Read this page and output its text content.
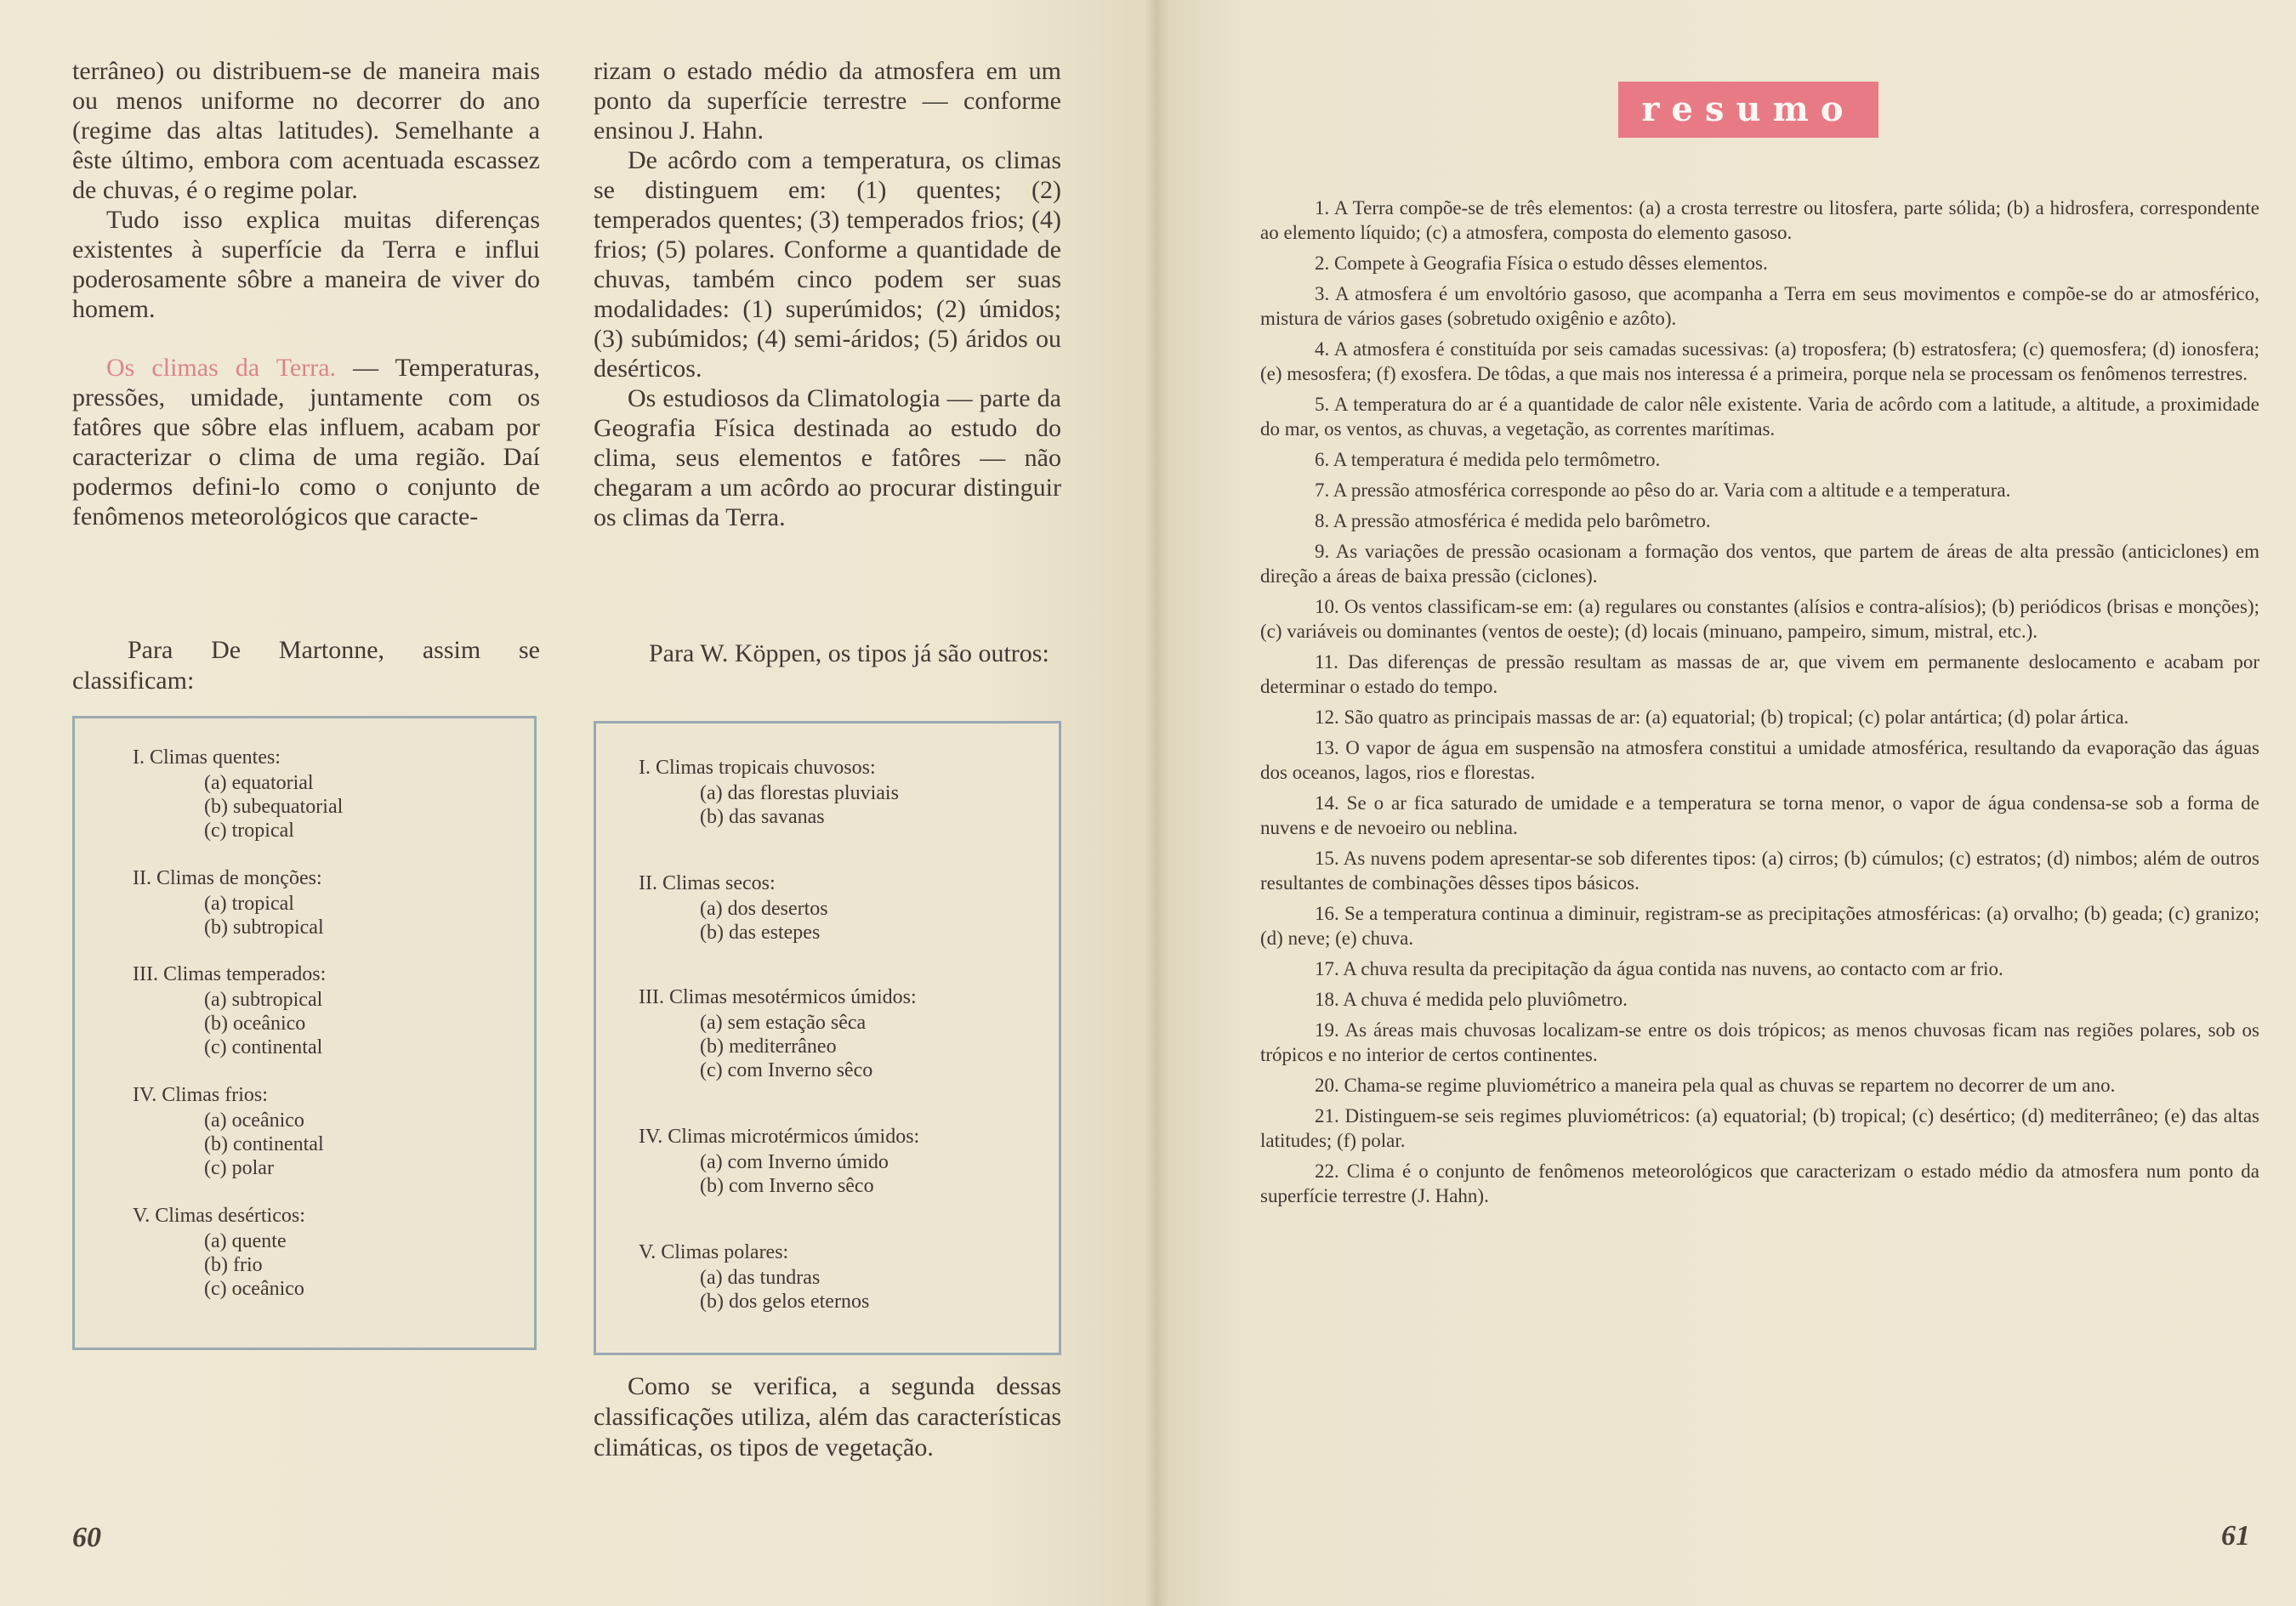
terrâneo) ou distribuem-se de maneira mais ou menos uniforme no decorrer do ano (regime das altas latitudes). Semelhante a êste último, embora com acentuada escassez de chuvas, é o regime polar.

Tudo isso explica muitas diferenças existentes à superfície da Terra e influi poderosamente sôbre a maneira de viver do homem.

Os climas da Terra. — Temperaturas, pressões, umidade, juntamente com os fatôres que sôbre elas influem, acabam por caracterizar o clima de uma região. Daí podermos defini-lo como o conjunto de fenômenos meteorológicos que caracte-

rizam o estado médio da atmosfera em um ponto da superfície terrestre — conforme ensinou J. Hahn.

De acôrdo com a temperatura, os climas se distinguem em: (1) quentes; (2) temperados quentes; (3) temperados frios; (4) frios; (5) polares. Conforme a quantidade de chuvas, também cinco podem ser suas modalidades: (1) superúmidos; (2) úmidos; (3) subúmidos; (4) semi-áridos; (5) áridos ou desérticos.

Os estudiosos da Climatologia — parte da Geografia Física destinada ao estudo do clima, seus elementos e fatôres — não chegaram a um acôrdo ao procurar distinguir os climas da Terra.

Para De Martonne, assim se classificam:
Para W. Köppen, os tipos já são outros:
I. Climas quentes:
(a) equatorial
(b) subequatorial
(c) tropical
II. Climas de monções:
(a) tropical
(b) subtropical
III. Climas temperados:
(a) subtropical
(b) oceânico
(c) continental
IV. Climas frios:
(a) oceânico
(b) continental
(c) polar
V. Climas desérticos:
(a) quente
(b) frio
(c) oceânico
I. Climas tropicais chuvosos:
(a) das florestas pluviais
(b) das savanas
II. Climas secos:
(a) dos desertos
(b) das estepes
III. Climas mesotérmicos úmidos:
(a) sem estação sêca
(b) mediterrâneo
(c) com Inverno sêco
IV. Climas microtérmicos úmidos:
(a) com Inverno úmido
(b) com Inverno sêco
V. Climas polares:
(a) das tundras
(b) dos gelos eternos
Como se verifica, a segunda dessas classificações utiliza, além das características climáticas, os tipos de vegetação.
60
resumo

1. A Terra compõe-se de três elementos: (a) a crosta terrestre ou litosfera, parte sólida; (b) a hidrosfera, correspondente ao elemento líquido; (c) a atmosfera, composta do elemento gasoso.

2. Compete à Geografia Física o estudo dêsses elementos.

3. A atmosfera é um envoltório gasoso, que acompanha a Terra em seus movimentos e compõe-se do ar atmosférico, mistura de vários gases (sobretudo oxigênio e azôto).

4. A atmosfera é constituída por seis camadas sucessivas: (a) troposfera; (b) estratosfera; (c) quemosfera; (d) ionosfera; (e) mesosfera; (f) exosfera. De tôdas, a que mais nos interessa é a primeira, porque nela se processam os fenômenos terrestres.

5. A temperatura do ar é a quantidade de calor nêle existente. Varia de acôrdo com a latitude, a altitude, a proximidade do mar, os ventos, as chuvas, a vegetação, as correntes marítimas.

6. A temperatura é medida pelo termômetro.

7. A pressão atmosférica corresponde ao pêso do ar. Varia com a altitude e a temperatura.

8. A pressão atmosférica é medida pelo barômetro.

9. As variações de pressão ocasionam a formação dos ventos, que partem de áreas de alta pressão (anticiclones) em direção a áreas de baixa pressão (ciclones).

10. Os ventos classificam-se em: (a) regulares ou constantes (alísios e contra-alísios); (b) periódicos (brisas e monções); (c) variáveis ou dominantes (ventos de oeste); (d) locais (minuano, pampeiro, simum, mistral, etc.).

11. Das diferenças de pressão resultam as massas de ar, que vivem em permanente deslocamento e acabam por determinar o estado do tempo.

12. São quatro as principais massas de ar: (a) equatorial; (b) tropical; (c) polar antártica; (d) polar ártica.

13. O vapor de água em suspensão na atmosfera constitui a umidade atmosférica, resultando da evaporação das águas dos oceanos, lagos, rios e florestas.

14. Se o ar fica saturado de umidade e a temperatura se torna menor, o vapor de água condensa-se sob a forma de nuvens e de nevoeiro ou neblina.

15. As nuvens podem apresentar-se sob diferentes tipos: (a) cirros; (b) cúmulos; (c) estratos; (d) nimbos; além de outros resultantes de combinações dêsses tipos básicos.

16. Se a temperatura continua a diminuir, registram-se as precipitações atmosféricas: (a) orvalho; (b) geada; (c) granizo; (d) neve; (e) chuva.

17. A chuva resulta da precipitação da água contida nas nuvens, ao contacto com ar frio.

18. A chuva é medida pelo pluviômetro.

19. As áreas mais chuvosas localizam-se entre os dois trópicos; as menos chuvosas ficam nas regiões polares, sob os trópicos e no interior de certos continentes.

20. Chama-se regime pluviométrico a maneira pela qual as chuvas se repartem no decorrer de um ano.

21. Distinguem-se seis regimes pluviométricos: (a) equatorial; (b) tropical; (c) desértico; (d) mediterrâneo; (e) das altas latitudes; (f) polar.

22. Clima é o conjunto de fenômenos meteorológicos que caracterizam o estado médio da atmosfera num ponto da superfície terrestre (J. Hahn).

61
